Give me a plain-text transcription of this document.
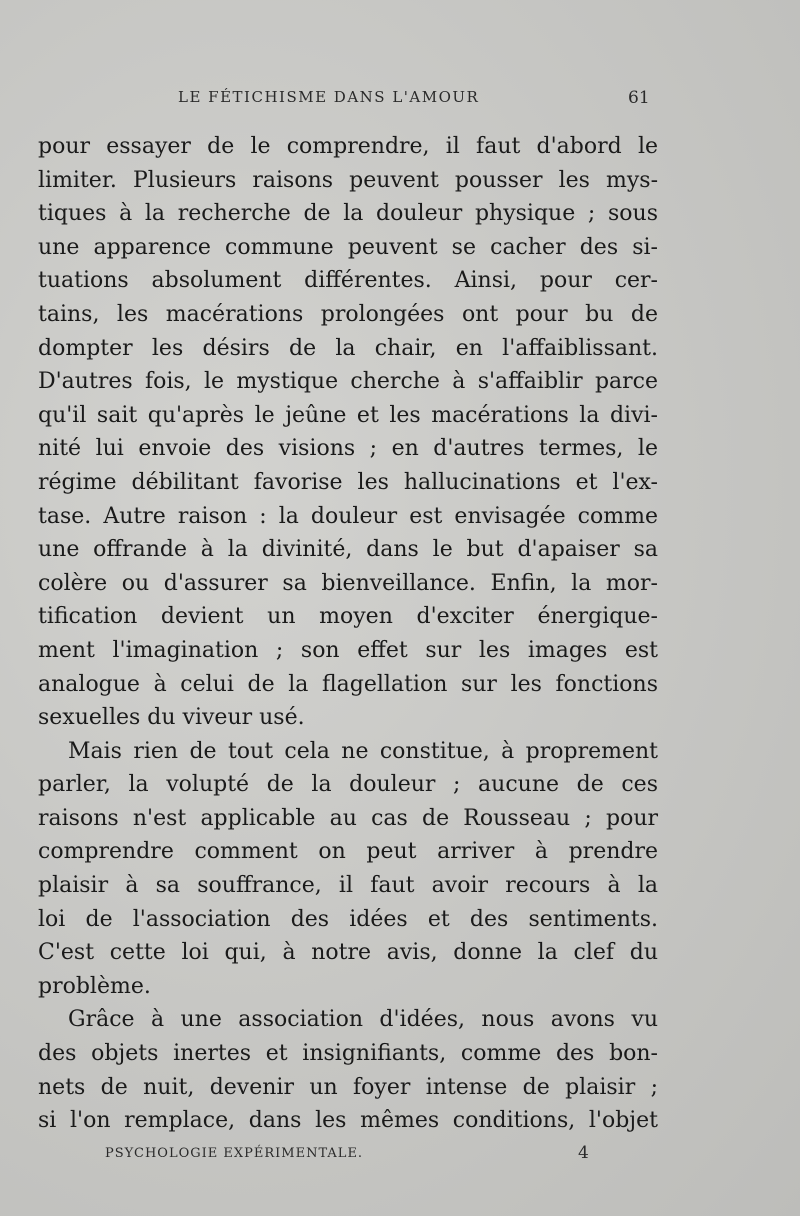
LE FÉTICHISME DANS L'AMOUR	61
pour essayer de le comprendre, il faut d'abord le
limiter. Plusieurs raisons peuvent pousser les mys-
tiques à la recherche de la douleur physique ; sous
une apparence commune peuvent se cacher des si-
tuations absolument différentes. Ainsi, pour cer-
tains, les macérations prolongées ont pour bu de
dompter les désirs de la chair, en l'affaiblissant.
D'autres fois, le mystique cherche à s'affaiblir parce
qu'il sait qu'après le jeûne et les macérations la divi-
nité lui envoie des visions ; en d'autres termes, le
régime débilitant favorise les hallucinations et l'ex-
tase. Autre raison : la douleur est envisagée comme
une offrande à la divinité, dans le but d'apaiser sa
colère ou d'assurer sa bienveillance. Enfin, la mor-
tification devient un moyen d'exciter énergique-
ment l'imagination ; son effet sur les images est
analogue à celui de la flagellation sur les fonctions
sexuelles du viveur usé.
Mais rien de tout cela ne constitue, à proprement
parler, la volupté de la douleur ; aucune de ces
raisons n'est applicable au cas de Rousseau ; pour
comprendre comment on peut arriver à prendre
plaisir à sa souffrance, il faut avoir recours à la
loi de l'association des idées et des sentiments.
C'est cette loi qui, à notre avis, donne la clef du
problème.
Grâce à une association d'idées, nous avons vu
des objets inertes et insignifiants, comme des bon-
nets de nuit, devenir un foyer intense de plaisir ;
si l'on remplace, dans les mêmes conditions, l'objet
PSYCHOLOGIE EXPÉRIMENTALE.	4
